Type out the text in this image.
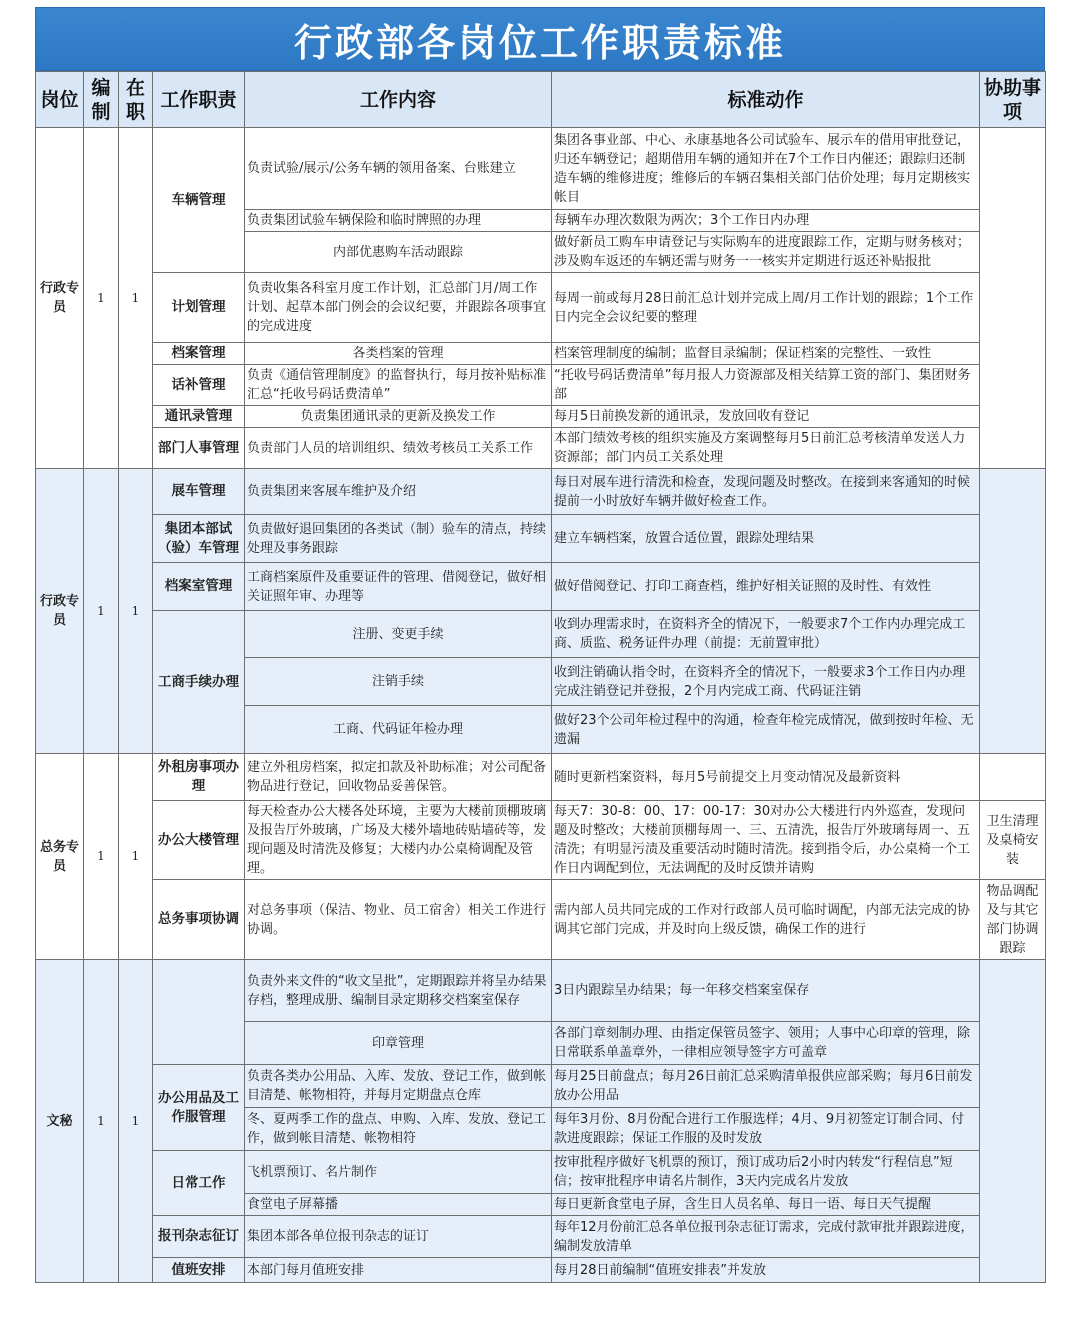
行政部各岗位工作职责标准
岗位	编制	在职	工作职责	工作内容	标准动作	协助事项
行政专员	1	1	车辆管理	负责试验/展示/公务车辆的领用备案、台账建立	集团各事业部、中心、永康基地各公司试验车、展示车的借用审批登记，归还车辆登记；超期借用车辆的通知并在7个工作日内催还；跟踪归还制造车辆的维修进度；维修后的车辆召集相关部门估价处理；每月定期核实帐目	
				负责集团试验车辆保险和临时牌照的办理	每辆车办理次数限为两次；3个工作日内办理	
				内部优惠购车活动跟踪	做好新员工购车申请登记与实际购车的进度跟踪工作，定期与财务核对；涉及购车返还的车辆还需与财务一一核实并定期进行返还补贴报批	
			计划管理	负责收集各科室月度工作计划，汇总部门月/周工作计划、起草本部门例会的会议纪要，并跟踪各项事宜的完成进度	每周一前或每月28日前汇总计划并完成上周/月工作计划的跟踪；1个工作日内完全会议纪要的整理	
			档案管理	各类档案的管理	档案管理制度的编制；监督目录编制；保证档案的完整性、一致性	
			话补管理	负责《通信管理制度》的监督执行，每月按补贴标准汇总“托收号码话费清单”	“托收号码话费清单”每月报人力资源部及相关结算工资的部门、集团财务部	
			通讯录管理	负责集团通讯录的更新及换发工作	每月5日前换发新的通讯录，发放回收有登记	
			部门人事管理	负责部门人员的培训组织、绩效考核员工关系工作	本部门绩效考核的组织实施及方案调整每月5日前汇总考核清单发送人力资源部；部门内员工关系处理	
行政专员	1	1	展车管理	负责集团来客展车维护及介绍	每日对展车进行清洗和检查，发现问题及时整改。在接到来客通知的时候提前一小时放好车辆并做好检查工作。	
			集团本部试（验）车管理	负责做好退回集团的各类试（制）验车的清点，持续处理及事务跟踪	建立车辆档案，放置合适位置，跟踪处理结果	
			档案室管理	工商档案原件及重要证件的管理、借阅登记，做好相关证照年审、办理等	做好借阅登记、打印工商查档，维护好相关证照的及时性、有效性	
			工商手续办理	注册、变更手续	收到办理需求时，在资料齐全的情况下，一般要求7个工作内办理完成工商、质监、税务证件办理（前提：无前置审批）	
				注销手续	收到注销确认指令时，在资料齐全的情况下，一般要求3个工作日内办理完成注销登记并登报，2个月内完成工商、代码证注销	
				工商、代码证年检办理	做好23个公司年检过程中的沟通，检查年检完成情况，做到按时年检、无遗漏	
总务专员	1	1	外租房事项办理	建立外租房档案，拟定扣款及补助标准；对公司配备物品进行登记，回收物品妥善保管。	随时更新档案资料，每月5号前提交上月变动情况及最新资料	
			办公大楼管理	每天检查办公大楼各处环境，主要为大楼前顶棚玻璃及报告厅外玻璃，广场及大楼外墙地砖贴墙砖等，发现问题及时清洗及修复；大楼内办公桌椅调配及管理。	每天7：30-8：00、17：00-17：30对办公大楼进行内外巡查，发现问题及时整改；大楼前顶棚每周一、三、五清洗，报告厅外玻璃每周一、五清洗；有明显污渍及重要活动时随时清洗。接到指令后，办公桌椅一个工作日内调配到位，无法调配的及时反馈并请购	卫生清理及桌椅安装
			总务事项协调	对总务事项（保洁、物业、员工宿舍）相关工作进行协调。	需内部人员共同完成的工作对行政部人员可临时调配，内部无法完成的协调其它部门完成，并及时向上级反馈，确保工作的进行	物品调配及与其它部门协调跟踪
文秘	1	1		负责外来文件的“收文呈批”，定期跟踪并将呈办结果存档，整理成册、编制目录定期移交档案室保存	3日内跟踪呈办结果；每一年移交档案室保存	
				印章管理	各部门章刻制办理、由指定保管员签字、领用；人事中心印章的管理，除日常联系单盖章外，一律相应领导签字方可盖章	
			办公用品及工作服管理	负责各类办公用品、入库、发放、登记工作，做到帐目清楚、帐物相符，并每月定期盘点仓库	每月25日前盘点；每月26日前汇总采购清单报供应部采购；每月6日前发放办公用品	
				冬、夏两季工作的盘点、申购、入库、发放、登记工作，做到帐目清楚、帐物相符	每年3月份、8月份配合进行工作服选样；4月、9月初签定订制合同、付款进度跟踪；保证工作服的及时发放	
			日常工作	飞机票预订、名片制作	按审批程序做好飞机票的预订，预订成功后2小时内转发“行程信息”短信；按审批程序申请名片制作，3天内完成名片发放	
				食堂电子屏幕播	每日更新食堂电子屏，含生日人员名单、每日一语、每日天气提醒	
			报刊杂志征订	集团本部各单位报刊杂志的证订	每年12月份前汇总各单位报刊杂志征订需求，完成付款审批并跟踪进度，编制发放清单	
			值班安排	本部门每月值班安排	每月28日前编制“值班安排表”并发放	
